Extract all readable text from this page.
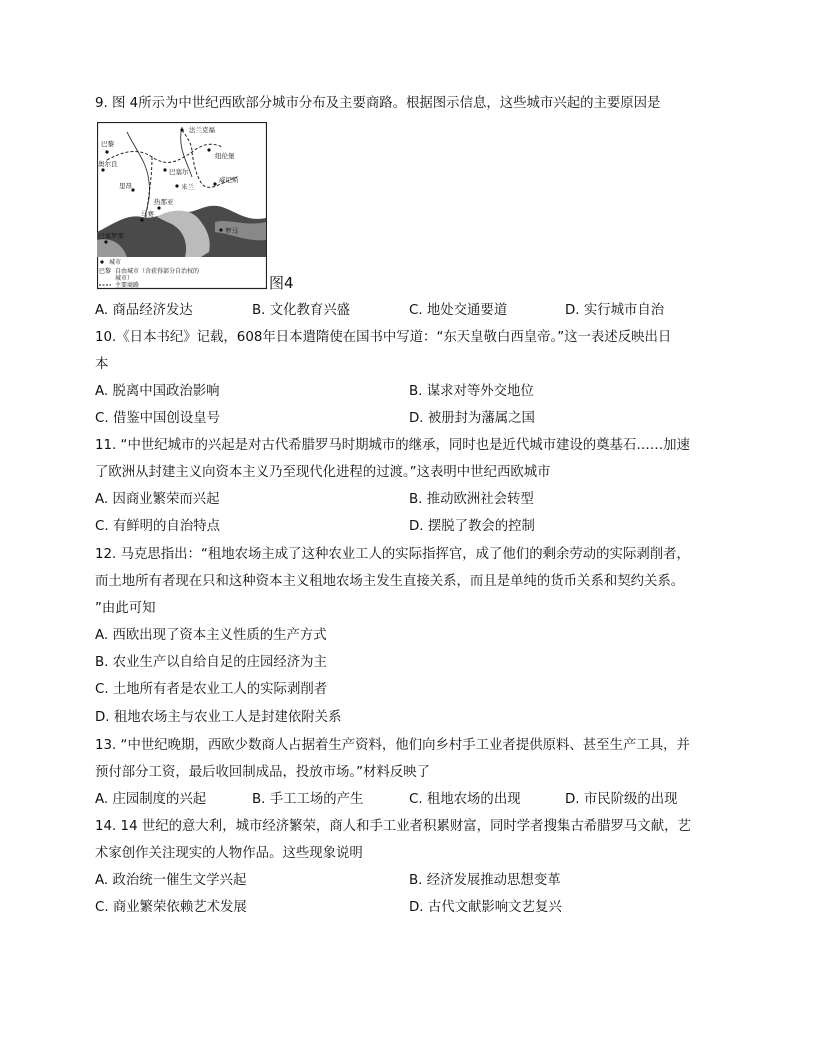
9. 图 4所示为中世纪西欧部分城市分布及主要商路。根据图示信息，这些城市兴起的主要原因是
巴黎
奥尔良
里昂
马赛
热那亚
米兰
威尼斯
罗马
巴塞罗那
法兰克福
纽伦堡
巴塞尔
城市
巴黎 自由城市（含获得部分自治权的
城市）
主要商路	图4
A. 商品经济发达	B. 文化教育兴盛	C. 地处交通要道	D. 实行城市自治
10.《日本书纪》记载，608年日本遣隋使在国书中写道：“东天皇敬白西皇帝。”这一表述反映出日
本
A. 脱离中国政治影响	B. 谋求对等外交地位
C. 借鉴中国创设皇号	D. 被册封为藩属之国
11. “中世纪城市的兴起是对古代希腊罗马时期城市的继承，同时也是近代城市建设的奠基石……加速
了欧洲从封建主义向资本主义乃至现代化进程的过渡。”这表明中世纪西欧城市
A. 因商业繁荣而兴起	B. 推动欧洲社会转型
C. 有鲜明的自治特点	D. 摆脱了教会的控制
12. 马克思指出：“租地农场主成了这种农业工人的实际指挥官，成了他们的剩余劳动的实际剥削者，
而土地所有者现在只和这种资本主义租地农场主发生直接关系，而且是单纯的货币关系和契约关系。
”由此可知
A. 西欧出现了资本主义性质的生产方式
B. 农业生产以自给自足的庄园经济为主
C. 土地所有者是农业工人的实际剥削者
D. 租地农场主与农业工人是封建依附关系
13. “中世纪晚期，西欧少数商人占据着生产资料，他们向乡村手工业者提供原料、甚至生产工具，并
预付部分工资，最后收回制成品，投放市场。”材料反映了
A. 庄园制度的兴起	B. 手工工场的产生	C. 租地农场的出现	D. 市民阶级的出现
14. 14 世纪的意大利，城市经济繁荣，商人和手工业者积累财富，同时学者搜集古希腊罗马文献，艺
术家创作关注现实的人物作品。这些现象说明
A. 政治统一催生文学兴起	B. 经济发展推动思想变革
C. 商业繁荣依赖艺术发展	D. 古代文献影响文艺复兴
